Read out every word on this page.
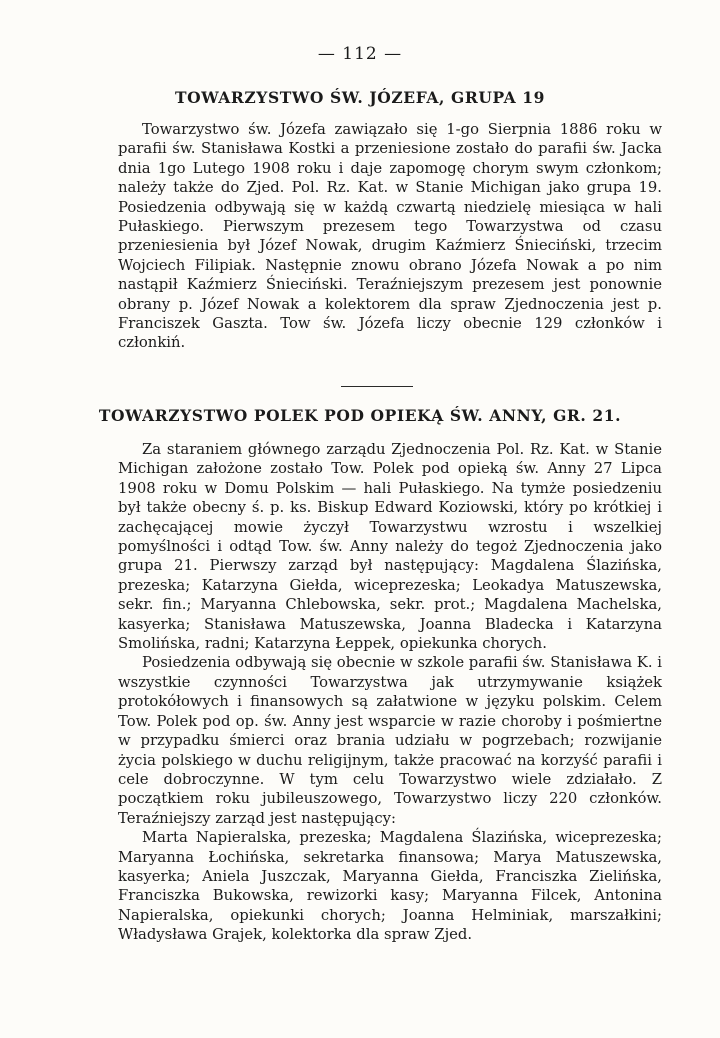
— 112 —
TOWARZYSTWO ŚW. JÓZEFA, GRUPA 19

Towarzystwo św. Józefa zawiązało się 1-go Sierpnia 1886 roku w parafii św. Stanisława Kostki a przeniesione zostało do parafii św. Jacka dnia 1go Lutego 1908 roku i daje zapomogę chorym swym członkom; należy także do Zjed. Pol. Rz. Kat. w Stanie Michigan jako grupa 19. Posiedzenia odbywają się w każdą czwartą niedzielę miesiąca w hali Pułaskiego. Pierwszym prezesem tego Towarzystwa od czasu przeniesienia był Józef Nowak, drugim Kaźmierz Śnieciński, trzecim Wojciech Filipiak. Następnie znowu obrano Józefa Nowak a po nim nastąpił Kaźmierz Śnieciński. Teraźniejszym prezesem jest ponownie obrany p. Józef Nowak a kolektorem dla spraw Zjednoczenia jest p. Franciszek Gaszta. Tow św. Józefa liczy obecnie 129 członków i członkiń.

TOWARZYSTWO POLEK POD OPIEKĄ ŚW. ANNY, GR. 21.

Za staraniem głównego zarządu Zjednoczenia Pol. Rz. Kat. w Stanie Michigan założone zostało Tow. Polek pod opieką św. Anny 27 Lipca 1908 roku w Domu Polskim — hali Pułaskiego. Na tymże posiedzeniu był także obecny ś. p. ks. Biskup Edward Koziowski, który po krótkiej i zachęcającej mowie życzył Towarzystwu wzrostu i wszelkiej pomyślności i odtąd Tow. św. Anny należy do tegoż Zjednoczenia jako grupa 21. Pierwszy zarząd był następujący: Magdalena Ślazińska, prezeska; Katarzyna Giełda, wiceprezeska; Leokadya Matuszewska, sekr. fin.; Maryanna Chlebowska, sekr. prot.; Magdalena Machelska, kasyerka; Stanisława Matuszewska, Joanna Bladecka i Katarzyna Smolińska, radni; Katarzyna Łeppek, opiekunka chorych.

Posiedzenia odbywają się obecnie w szkole parafii św. Stanisława K. i wszystkie czynności Towarzystwa jak utrzymywanie książek protokółowych i finansowych są załatwione w języku polskim. Celem Tow. Polek pod op. św. Anny jest wsparcie w razie choroby i pośmiertne w przypadku śmierci oraz brania udziału w pogrzebach; rozwijanie życia polskiego w duchu religijnym, także pracować na korzyść parafii i cele dobroczynne. W tym celu Towarzystwo wiele zdziałało. Z początkiem roku jubileuszowego, Towarzystwo liczy 220 członków. Teraźniejszy zarząd jest następujący:

Marta Napieralska, prezeska; Magdalena Ślazińska, wiceprezeska; Maryanna Łochińska, sekretarka finansowa; Marya Matuszewska, kasyerka; Aniela Juszczak, Maryanna Giełda, Franciszka Zielińska, Franciszka Bukowska, rewizorki kasy; Maryanna Filcek, Antonina Napieralska, opiekunki chorych; Joanna Helminiak, marszałkini; Władysława Grajek, kolektorka dla spraw Zjed.
